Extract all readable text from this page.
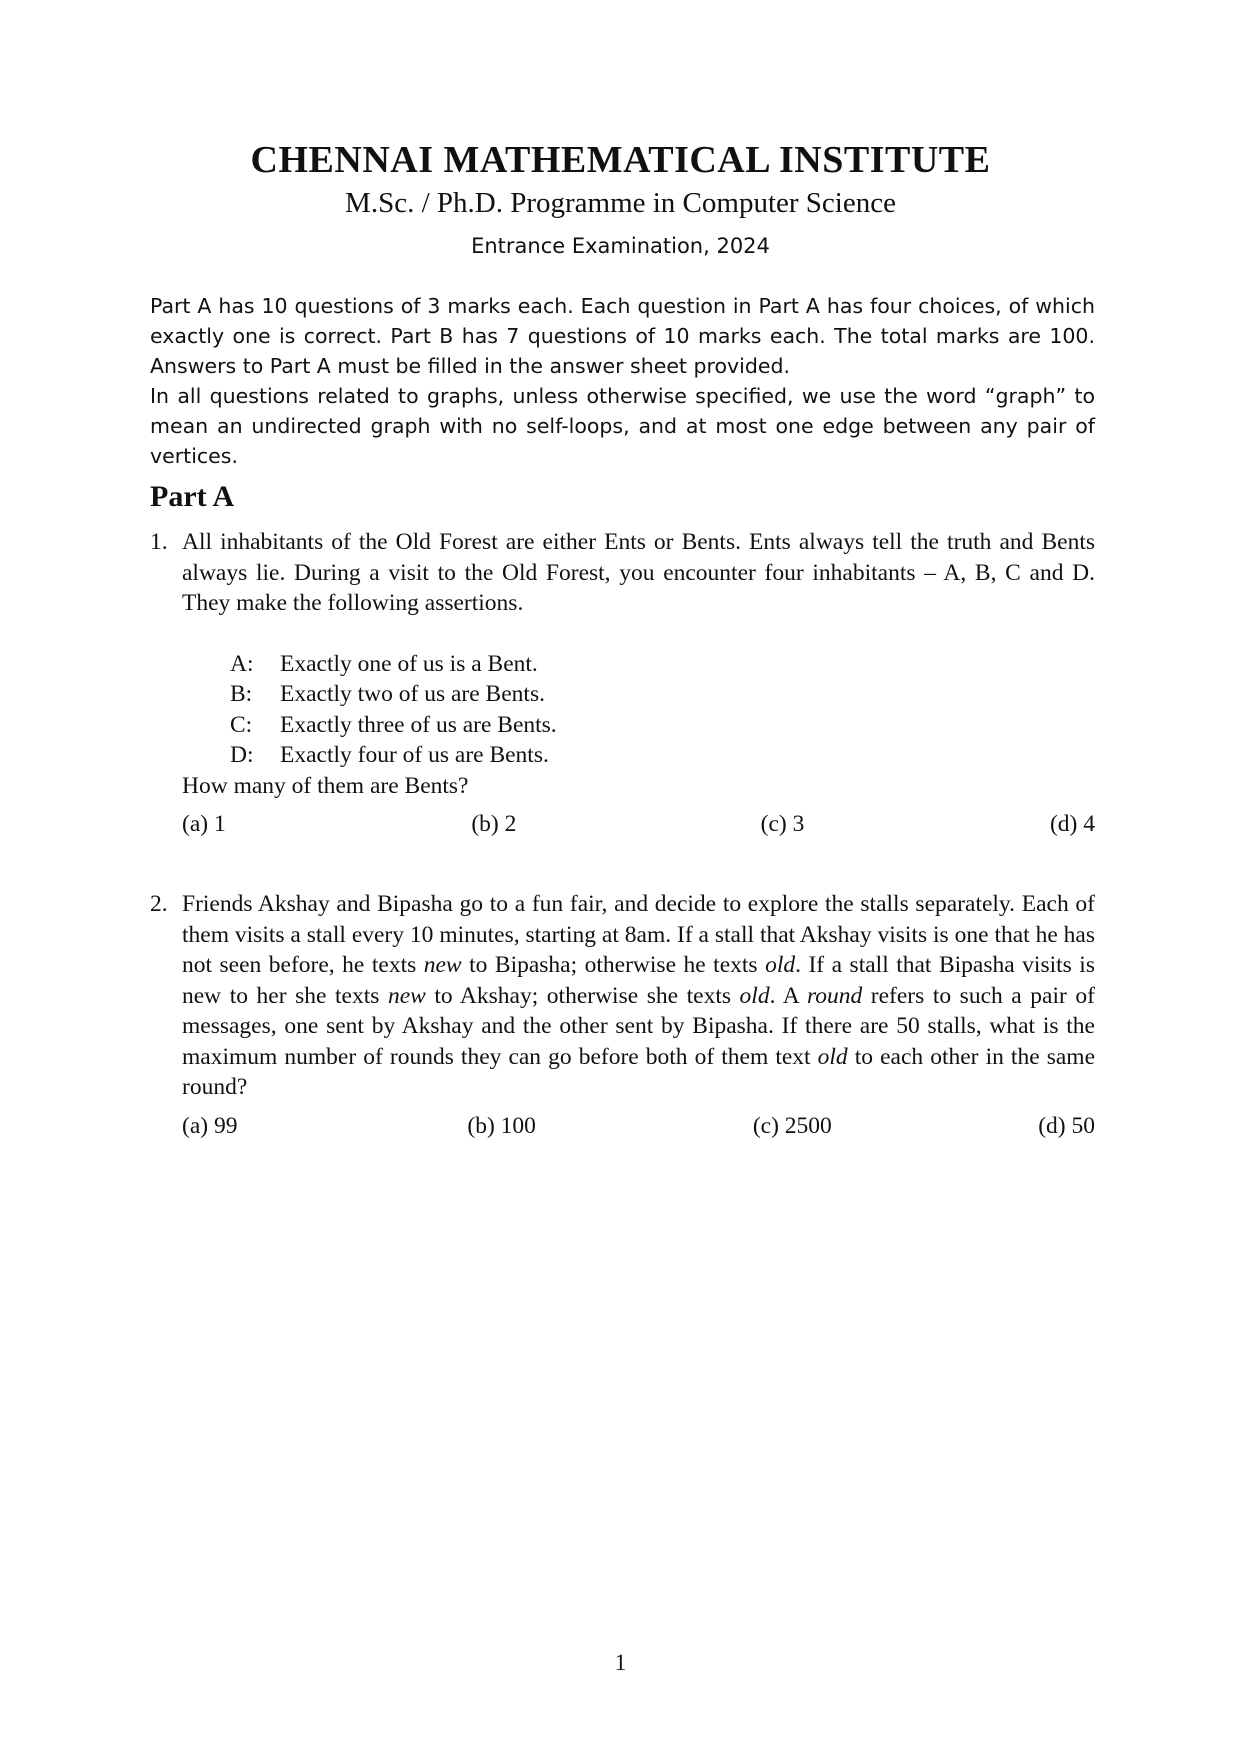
CHENNAI MATHEMATICAL INSTITUTE
M.Sc. / Ph.D. Programme in Computer Science
Entrance Examination, 2024

Part A has 10 questions of 3 marks each. Each question in Part A has four choices, of which exactly one is correct. Part B has 7 questions of 10 marks each. The total marks are 100. Answers to Part A must be filled in the answer sheet provided.

In all questions related to graphs, unless otherwise specified, we use the word “graph” to mean an undirected graph with no self-loops, and at most one edge between any pair of vertices.

Part A
1. All inhabitants of the Old Forest are either Ents or Bents. Ents always tell the truth and Bents always lie. During a visit to the Old Forest, you encounter four inhabitants – A, B, C and D. They make the following assertions.

A:	Exactly one of us is a Bent.
B:	Exactly two of us are Bents.
C:	Exactly three of us are Bents.
D:	Exactly four of us are Bents.

How many of them are Bents?

(a) 1	(b) 2	(c) 3	(d) 4
2. Friends Akshay and Bipasha go to a fun fair, and decide to explore the stalls separately. Each of them visits a stall every 10 minutes, starting at 8am. If a stall that Akshay visits is one that he has not seen before, he texts new to Bipasha; otherwise he texts old. If a stall that Bipasha visits is new to her she texts new to Akshay; otherwise she texts old. A round refers to such a pair of messages, one sent by Akshay and the other sent by Bipasha. If there are 50 stalls, what is the maximum number of rounds they can go before both of them text old to each other in the same round?

(a) 99	(b) 100	(c) 2500	(d) 50
1
